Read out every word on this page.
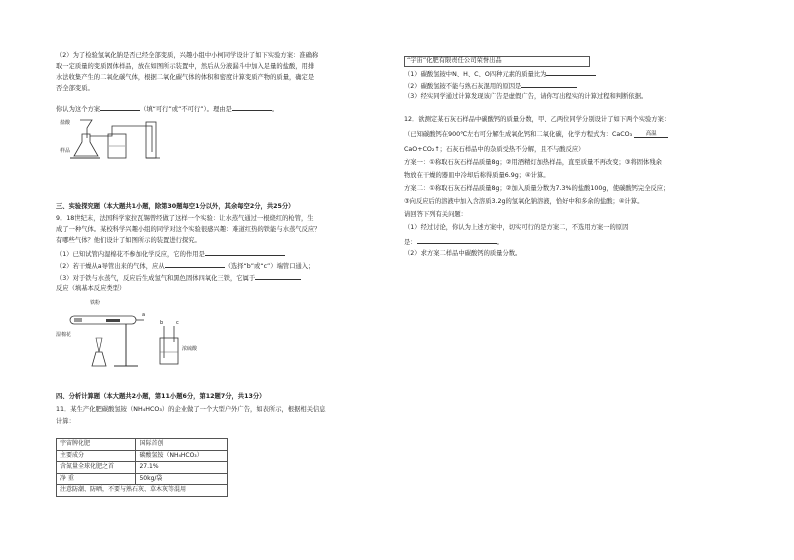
（2）为了检验氢氧化钠是否已经全部变质，兴趣小组中小柯同学设计了如下实验方案：准确称
取一定质量的变质固体样品，放在如图所示装置中，然后从分液漏斗中加入足量的盐酸，用排
水法收集产生的二氧化碳气体，根据二氧化碳气体的体积和密度计算变质产物的质量，确定是
否全部变质。
你认为这个方案	（填“可行”或“不可行”）。理由是	。
盐酸
样品
三、实验探究题（本大题共1小题，除第30题每空1分以外，其余每空2分，共25分）
9．18世纪末，法国科学家拉瓦锡曾经做了这样一个实验：让水蒸气通过一根烧红的枪管，生
成了一种气体。某校科学兴趣小组的同学对这个实验很感兴趣：难道红热的铁能与水蒸气反应？
有哪些气体？他们设计了如图所示的装置进行探究。
（1）已知试管内湿棉花不参加化学反应，它的作用是
（2）若干燥从a导管出来的气体，应从	（选择“b”或“c”）端管口通入；
（3）对于铁与水蒸气，反应后生成氢气和黑色固体四氧化三铁，它属于
反应（填基本反应类型）
铁粉
湿棉花
a
b	c
浓硫酸
四、分析计算题（本大题共2小题，第11小题6分，第12题7分，共13分）
11．某生产化肥碳酸氢铵（NH₄HCO₃）的企业做了一个大型户外广告，如表所示，根据相关信息
计算：
宇宙牌化肥	国际首创
主要成分	碳酸氢铵（NH₄HCO₃）
含氮量全球化肥之首	27.1%
净 重	50kg/袋
注意防潮、防晒，不要与熟石灰、草木灰等混用	
“宇宙”化肥有限责任公司荣誉出品
（1）碳酸氢铵中N、H、C、O四种元素的质量比为
（2）碳酸氢铵不能与熟石灰混用的原因是
（3）经实同学通过计算发现该广告是虚假广告，请你写出程实的计算过程和判断依据。
12．欲测定某石灰石样品中碳酸钙的质量分数，甲、乙两位同学分别设计了如下两个实验方案：
（已知碳酸钙在900℃左右可分解生成氧化钙和二氧化碳，化学方程式为：CaCO₃	高温
CaO+CO₂↑；石灰石样品中的杂质受热不分解，且不与酸反应）
方案一：①称取石灰石样品质量8g；②用酒精灯加热样品，直至质量不再改变；③将固体残余
物放在干燥的器皿中冷却后称得质量6.9g；④计算。
方案二：①称取石灰石样品质量8g；②加入质量分数为7.3%的盐酸100g，使碳酸钙完全反应；
③向反应后的溶液中加入含溶质3.2g的氢氧化钠溶液，恰好中和多余的盐酸；④计算。
请回答下列有关问题：
（1）经过讨论，你认为上述方案中，切实可行的是方案二，不选用方案一的原因
是：	。
（2）求方案二样品中碳酸钙的质量分数。
